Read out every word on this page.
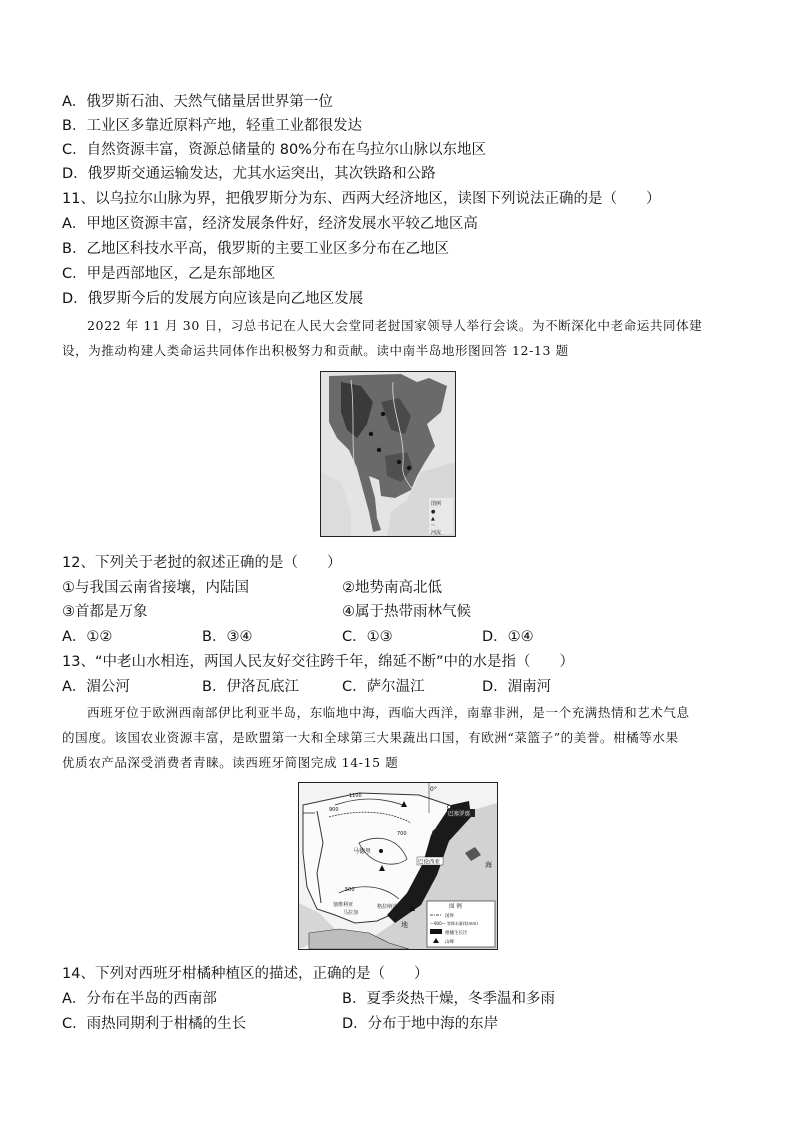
A．俄罗斯石油、天然气储量居世界第一位
B．工业区多靠近原料产地，轻重工业都很发达
C．自然资源丰富，资源总储量的 80%分布在乌拉尔山脉以东地区
D．俄罗斯交通运输发达，尤其水运突出，其次铁路和公路
11、以乌拉尔山脉为界，把俄罗斯分为东、西两大经济地区，读图下列说法正确的是（　　）
A．甲地区资源丰富，经济发展条件好，经济发展水平较乙地区高
B．乙地区科技水平高，俄罗斯的主要工业区多分布在乙地区
C．甲是西部地区，乙是东部地区
D．俄罗斯今后的发展方向应该是向乙地区发展
2022 年 11 月 30 日，习总书记在人民大会堂同老挝国家领导人举行会谈。为不断深化中老命运共同体建
设，为推动构建人类命运共同体作出积极努力和贡献。读中南半岛地形图回答 12-13 题
图例
●
▲
～
河流
12、下列关于老挝的叙述正确的是（　　）
①与我国云南省接壤，内陆国	②地势南高北低
③首都是万象	④属于热带雨林气候
A．①②	B．③④	C．①③	D．①④
13、“中老山水相连，两国人民友好交往跨千年，绵延不断”中的水是指（　　）
A．湄公河	B．伊洛瓦底江	C．萨尔温江	D．湄南河
西班牙位于欧洲西南部伊比利亚半岛，东临地中海，西临大西洋，南靠非洲，是一个充满热情和艺术气息
的国度。该国农业资源丰富，是欧盟第一大和全球第三大果蔬出口国，有欧洲“菜篮子”的美誉。柑橘等水果
优质农产品深受消费者青睐。读西班牙简图完成 14-15 题
0°
1100
900
700
500
巴塞罗那
马德里
巴伦西亚
塞维利亚
马拉加
格拉纳达
海
地
图 例
国界
—900— 等降水量线(mm)
柑橘生长区
山峰
14、下列对西班牙柑橘种植区的描述，正确的是（　　）
A．分布在半岛的西南部	B．夏季炎热干燥，冬季温和多雨
C．雨热同期利于柑橘的生长	D．分布于地中海的东岸
